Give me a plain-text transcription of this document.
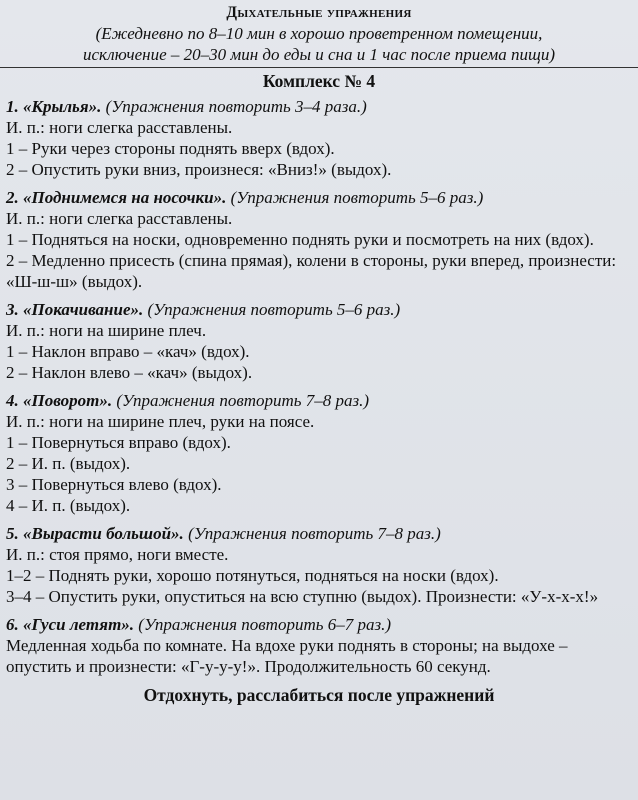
Дыхательные упражнения

(Ежедневно по 8–10 мин в хорошо проветренном помещении,

исключение – 20–30 мин до еды и сна и 1 час после приема пищи)

Комплекс № 4

1. «Крылья». (Упражнения повторить 3–4 раза.)

И. п.: ноги слегка расставлены.

1 – Руки через стороны поднять вверх (вдох).

2 – Опустить руки вниз, произнеся: «Вниз!» (выдох).

2. «Поднимемся на носочки». (Упражнения повторить 5–6 раз.)

И. п.: ноги слегка расставлены.

1 – Подняться на носки, одновременно поднять руки и посмотреть на них (вдох).

2 – Медленно присесть (спина прямая), колени в стороны, руки вперед, произнести: «Ш-ш-ш» (выдох).

3. «Покачивание». (Упражнения повторить 5–6 раз.)

И. п.: ноги на ширине плеч.

1 – Наклон вправо – «кач» (вдох).

2 – Наклон влево – «кач» (выдох).

4. «Поворот». (Упражнения повторить 7–8 раз.)

И. п.: ноги на ширине плеч, руки на поясе.

1 – Повернуться вправо (вдох).

2 – И. п. (выдох).

3 – Повернуться влево (вдох).

4 – И. п. (выдох).

5. «Вырасти большой». (Упражнения повторить 7–8 раз.)

И. п.: стоя прямо, ноги вместе.

1–2 – Поднять руки, хорошо потянуться, подняться на носки (вдох).

3–4 – Опустить руки, опуститься на всю ступню (выдох). Произнести: «У-х-х-х!»

6. «Гуси летят». (Упражнения повторить 6–7 раз.)

Медленная ходьба по комнате. На вдохе руки поднять в стороны; на выдохе – опустить и произнести: «Г-у-у-у!». Продолжительность 60 секунд.

Отдохнуть, расслабиться после упражнений
